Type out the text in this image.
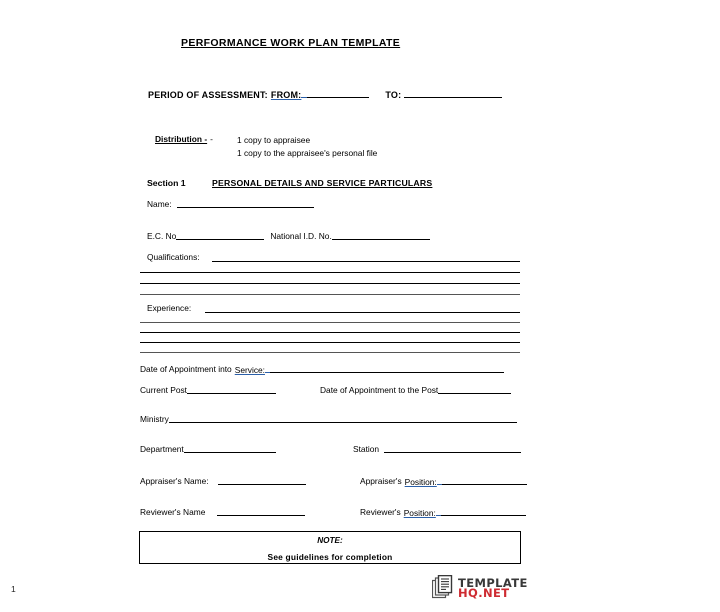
PERFORMANCE WORK PLAN TEMPLATE
PERIOD OF ASSESSMENT: FROM:	TO:
Distribution - -	1 copy to appraisee
1 copy to the appraisee's personal file
Section 1	PERSONAL DETAILS AND SERVICE PARTICULARS
Name:
E.C. No	National I.D. No.
Qualifications:
Experience:
Date of Appointment into Service:
Current Post	Date of Appointment to the Post
Ministry
Department	Station
Appraiser's Name:	Appraiser's Position:
Reviewer's Name	Reviewer's Position:
NOTE:
See guidelines for completion
1	TEMPLATE
HQ.NET
